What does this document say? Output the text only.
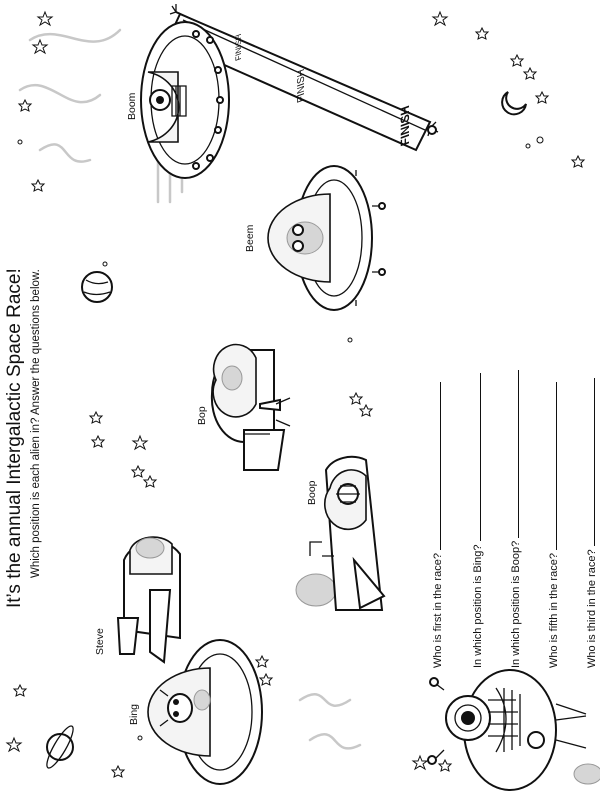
It’s the annual Intergalactic Space Race! Which position is each alien in? Answer the questions below.
FINISH
FINISH
FINISH
Boom
Beem
Bop
Boop
Steve
Bing
Who is first in the race?	In which position is Bing? In which position is Boop? Who is fifth in the race? Who is third in the race?
